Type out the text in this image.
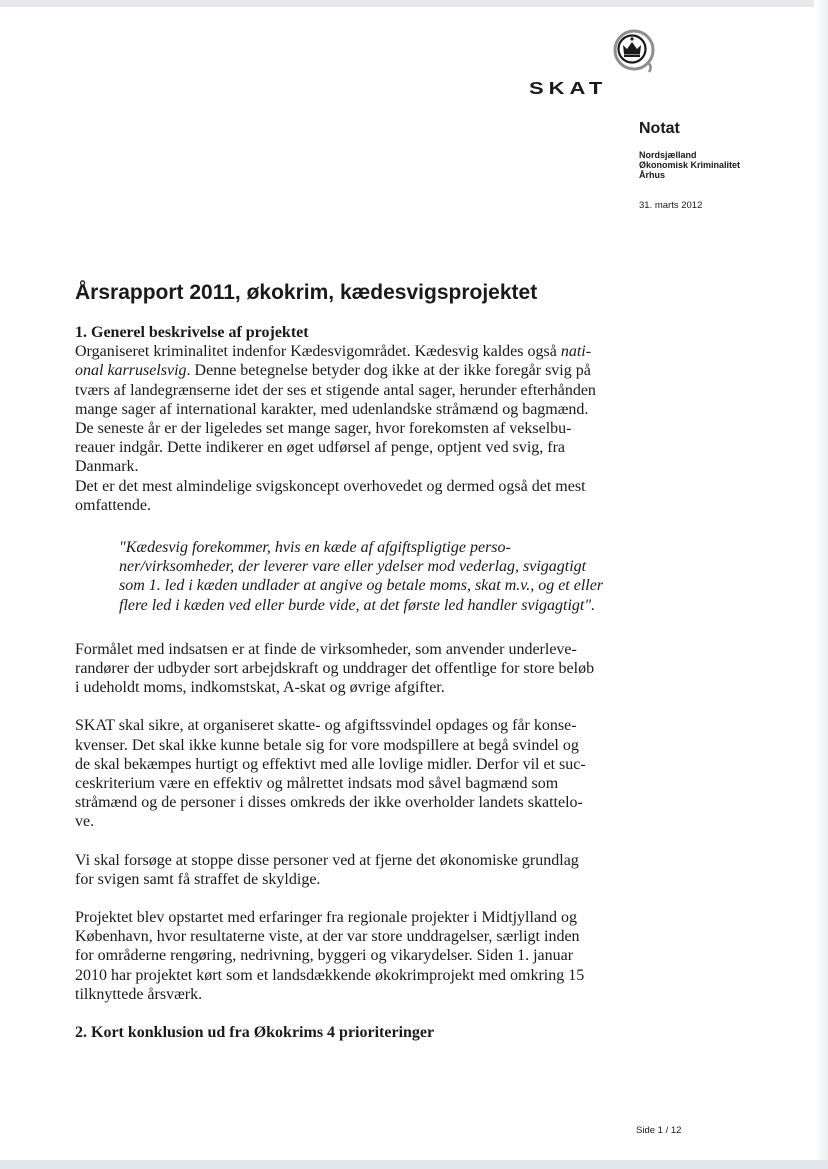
SKAT
Notat
Nordsjælland
Økonomisk Kriminalitet
Århus
31. marts 2012
Årsrapport 2011, økokrim, kædesvigsprojektet

1. Generel beskrivelse af projektet

Organiseret kriminalitet indenfor Kædesvigområdet. Kædesvig kaldes også nati-
onal karruselsvig. Denne betegnelse betyder dog ikke at der ikke foregår svig på
tværs af landegrænserne idet der ses et stigende antal sager, herunder efterhånden
mange sager af international karakter, med udenlandske stråmænd og bagmænd.
De seneste år er der ligeledes set mange sager, hvor forekomsten af vekselbu-
reauer indgår. Dette indikerer en øget udførsel af penge, optjent ved svig, fra
Danmark.
Det er det mest almindelige svigskoncept overhovedet og dermed også det mest
omfattende.
"Kædesvig forekommer, hvis en kæde af afgiftspligtige perso-
ner/virksomheder, der leverer vare eller ydelser mod vederlag, svigagtigt
som 1. led i kæden undlader at angive og betale moms, skat m.v., og et eller
flere led i kæden ved eller burde vide, at det første led handler svigagtigt".
Formålet med indsatsen er at finde de virksomheder, som anvender underleve-
randører der udbyder sort arbejdskraft og unddrager det offentlige for store beløb
i udeholdt moms, indkomstskat, A-skat og øvrige afgifter.
SKAT skal sikre, at organiseret skatte- og afgiftssvindel opdages og får konse-
kvenser. Det skal ikke kunne betale sig for vore modspillere at begå svindel og
de skal bekæmpes hurtigt og effektivt med alle lovlige midler. Derfor vil et suc-
ceskriterium være en effektiv og målrettet indsats mod såvel bagmænd som
stråmænd og de personer i disses omkreds der ikke overholder landets skattelo-
ve.
Vi skal forsøge at stoppe disse personer ved at fjerne det økonomiske grundlag
for svigen samt få straffet de skyldige.
Projektet blev opstartet med erfaringer fra regionale projekter i Midtjylland og
København, hvor resultaterne viste, at der var store unddragelser, særligt inden
for områderne rengøring, nedrivning, byggeri og vikarydelser. Siden 1. januar
2010 har projektet kørt som et landsdækkende økokrimprojekt med omkring 15
tilknyttede årsværk.

2. Kort konklusion ud fra Økokrims 4 prioriteringer

Side 1 / 12
